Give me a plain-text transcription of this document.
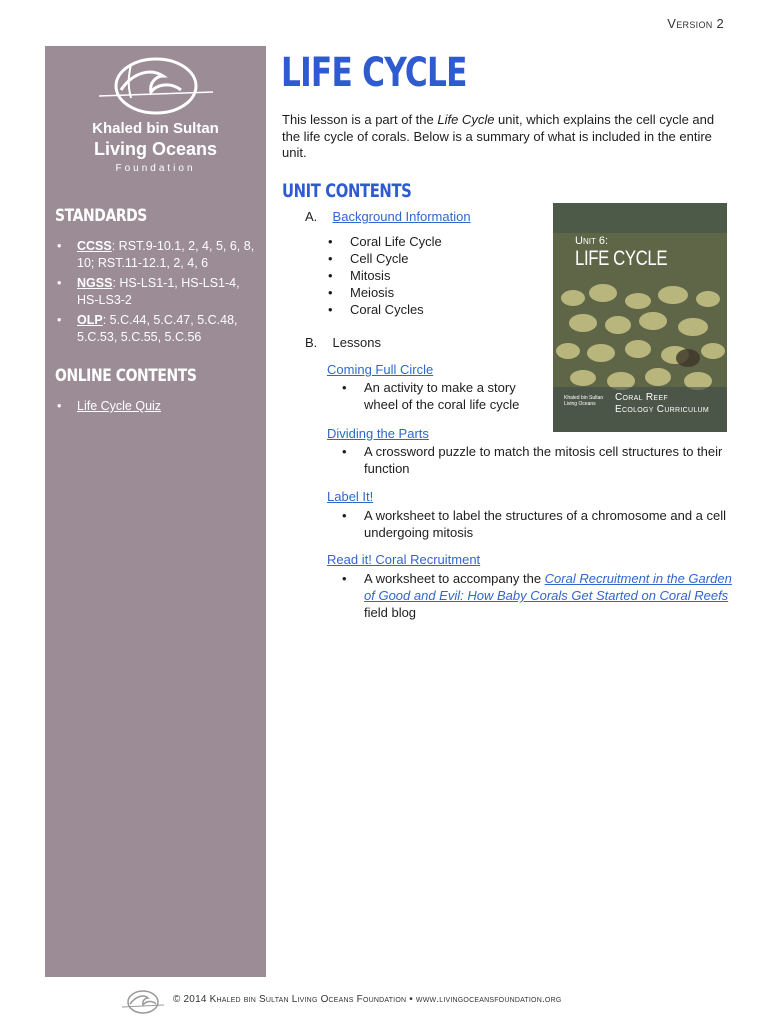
Version 2
Khaled bin Sultan
Living Oceans
Foundation
STANDARDS
• CCSS: RST.9-10.1, 2, 4, 5, 6, 8, 10; RST.11-12.1, 2, 4, 6
• NGSS: HS-LS1-1, HS-LS1-4, HS-LS3-2
• OLP: 5.C.44, 5.C.47, 5.C.48, 5.C.53, 5.C.55, 5.C.56
ONLINE CONTENTS
• Life Cycle Quiz
LIFE CYCLE
This lesson is a part of the Life Cycle unit, which explains the cell cycle and the life cycle of corals. Below is a summary of what is included in the entire unit.
UNIT CONTENTS
A. Background Information
• Coral Life Cycle
• Cell Cycle
• Mitosis
• Meiosis
• Coral Cycles
B. Lessons
Coming Full Circle
• An activity to make a story wheel of the coral life cycle
Dividing the Parts
• A crossword puzzle to match the mitosis cell structures to their function
Label It!
• A worksheet to label the structures of a chromosome and a cell undergoing mitosis
Read it! Coral Recruitment
• A worksheet to accompany the Coral Recruitment in the Garden of Good and Evil: How Baby Corals Get Started on Coral Reefs field blog
Unit 6:
LIFE CYCLE
Khaled bin Sultan
Living Oceans
Coral Reef
Ecology Curriculum
© 2014 Khaled bin Sultan Living Oceans Foundation • www.livingoceansfoundation.org
